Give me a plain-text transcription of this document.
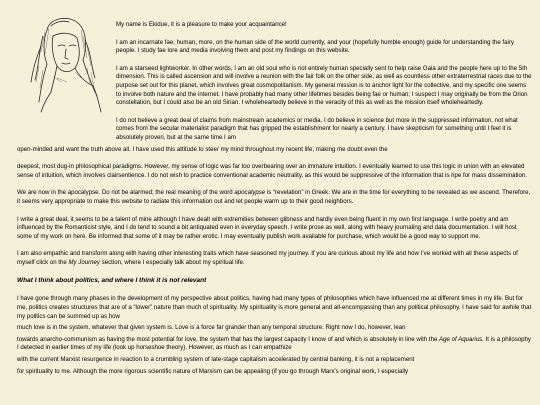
My name is Ekidue, it is a pleasure to make your acquaintance!

I am an incarnate fae, human, more, on the human side of the world currently, and your (hopefully humble enough) guide for understanding the fairy people. I study fae lore and media involving them and post my findings on this website.

I am a starseed lightworker. In other words, I am an old soul who is not entirely human specially sent to help raise Gaia and the people here up to the 5th dimension. This is called ascension and will involve a reunion with the fair folk on the other side, as well as countless other extraterrestrial races due to the purpose set out for this planet, which involves great cosmopolitanism. My general mission is to anchor light for the collective, and my specific one seems to involve both nature and the internet. I have probably had many other lifetimes besides being fae or human; I suspect I may originally be from the Orion constellation, but I could also be an old Sirian. I wholeheartedly believe in the veracity of this as well as the mission itself wholeheartedly.

I do not believe a great deal of claims from mainstream academics or media. I do believe in science but more in the suppressed information, not what comes from the secular materialist paradigm that has gripped the establishment for nearly a century. I have skepticism for something until I feel it is absolutely proven, but at the same time I am

open-minded and want the truth above all. I have used this attitude to steer my mind throughout my recent life, making me doubt even the

deepest, most dug-in philosophical paradigms. However, my sense of logic was far too overbearing over an immature intuition. I eventually learned to use this logic in union with an elevated sense of intuition, which involves clairsentience. I do not wish to practice conventional academic neutrality, as this would be suppressive of the information that is ripe for mass dissemination.

We are now in the apocalypse. Do not be alarmed; the real meaning of the word apocalypse is “revelation” in Greek. We are in the time for everything to be revealed as we ascend. Therefore, it seems very appropriate to make this website to radiate this information out and let people warm up to their good neighbors.

I write a great deal, it seems to be a talent of mine although I have dealt with extremities between glibness and hardly even being fluent in my own first language. I write poetry and am influenced by the Romanticist style, and I do tend to sound a bit antiquated even in everyday speech. I write prose as well, along with heavy journaling and data documentation. I will host some of my work on here. Be informed that some of it may be rather erotic. I may eventually publish work available for purchase, which would be a good way to support me.

I am also empathic and transform along with having other interesting traits which have seasoned my journey. If you are curious about my life and how I’ve worked with all these aspects of myself click on the My Journey section, where I especially talk about my spiritual life.

What I think about politics, and where I think it is not relevant

I have gone through many phases in the development of my perspective about politics, having had many types of philosophies which have influenced me at different times in my life. But for me, politics creates structures that are of a “lower” nature than much of spirituality. My spirituality is more general and all-encompassing than any political philosophy. I have said for awhile that my politics can be summed up as how

much love is in the system, whatever that given system is. Love is a force far grander than any temporal structure. Right now I do, however, lean

towards anarcho-communism as having the most potential for love, the system that has the largest capacity I know of and which is absolutely in line with the Age of Aquarius. It is a philosophy I detected in earlier times of my life (look up horseshoe theory). However, as much as I can empathize

with the current Marxist resurgence in reaction to a crumbling system of late-stage capitalism accelerated by central banking, it is not a replacement

for spirituality to me. Although the more rigorous scientific nature of Marxism can be appealing (if you go through Marx’s original work, I especially
